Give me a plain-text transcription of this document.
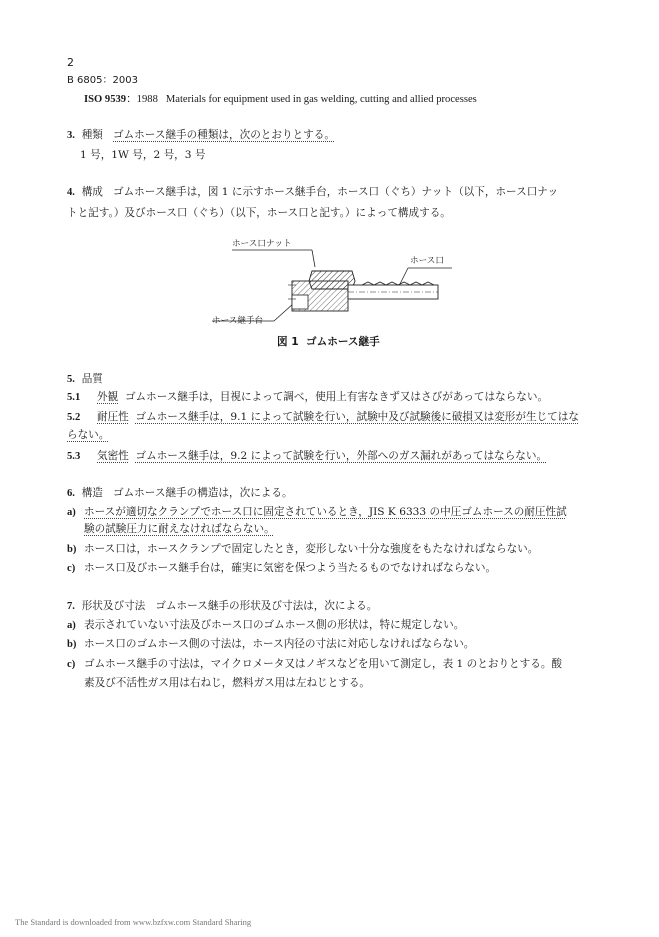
2
B 6805：2003
ISO 9539：1988 Materials for equipment used in gas welding, cutting and allied processes
3. 種類 ゴムホース継手の種類は，次のとおりとする。
1 号，1W 号，2 号，3 号
4. 構成 ゴムホース継手は，図 1 に示すホース継手台，ホース口（ぐち）ナット（以下，ホース口ナッ
トと記す。）及びホース口（ぐち）（以下，ホース口と記す。）によって構成する。
ホース口ナット
ホース口
ホース継手台
図 1 ゴムホース継手
5. 品質
5.1 外観 ゴムホース継手は，目視によって調べ，使用上有害なきず又はさびがあってはならない。
5.2 耐圧性 ゴムホース継手は，9.1 によって試験を行い，試験中及び試験後に破損又は変形が生じてはな
らない。
5.3 気密性 ゴムホース継手は，9.2 によって試験を行い，外部へのガス漏れがあってはならない。
6. 構造 ゴムホース継手の構造は，次による。
a) ホースが適切なクランプでホース口に固定されているとき，JIS K 6333 の中圧ゴムホースの耐圧性試
験の試験圧力に耐えなければならない。
b) ホース口は，ホースクランプで固定したとき，変形しない十分な強度をもたなければならない。
c) ホース口及びホース継手台は，確実に気密を保つよう当たるものでなければならない。
7. 形状及び寸法 ゴムホース継手の形状及び寸法は，次による。
a) 表示されていない寸法及びホース口のゴムホース側の形状は，特に規定しない。
b) ホース口のゴムホース側の寸法は，ホース内径の寸法に対応しなければならない。
c) ゴムホース継手の寸法は，マイクロメータ又はノギスなどを用いて測定し，表 1 のとおりとする。酸
素及び不活性ガス用は右ねじ，燃料ガス用は左ねじとする。
The Standard is downloaded from www.bzfxw.com Standard Sharing
